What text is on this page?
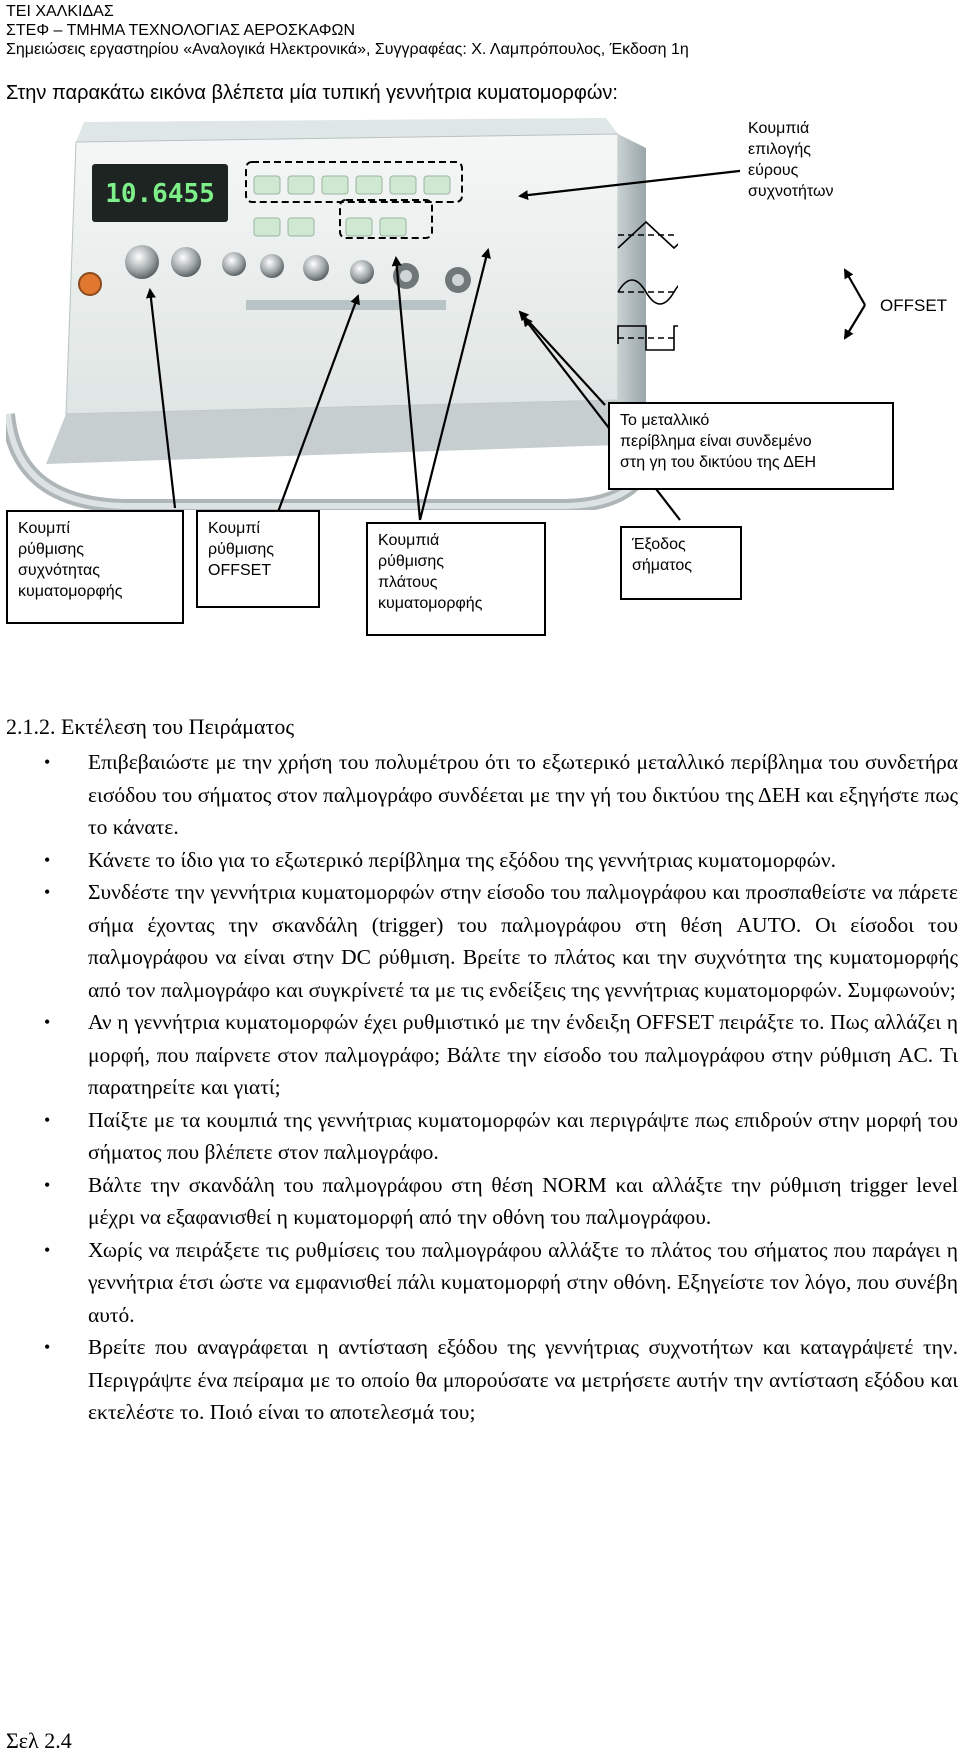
ΤΕΙ ΧΑΛΚΙΔΑΣ
ΣΤΕΦ – ΤΜΗΜΑ ΤΕΧΝΟΛΟΓΙΑΣ ΑΕΡΟΣΚΑΦΩΝ
Σημειώσεις εργαστηρίου «Αναλογικά Ηλεκτρονικά», Συγγραφέας: Χ. Λαμπρόπουλος, Έκδοση 1η
Στην παρακάτω εικόνα βλέπετα μία τυπική γεννήτρια κυματομορφών:
10.6455
Κουμπιά
επιλογής
εύρους
συχνοτήτων
OFFSET
Το μεταλλικό
περίβλημα είναι συνδεμένο
στη γη του δικτύου της ΔΕΗ
Κουμπί
ρύθμισης
συχνότητας
κυματομορφής
Κουμπί
ρύθμισης
OFFSET
Κουμπιά
ρύθμισης
πλάτους
κυματομορφής
Έξοδος
σήματος
2.1.2. Εκτέλεση του Πειράματος
• Επιβεβαιώστε με την χρήση του πολυμέτρου ότι το εξωτερικό μεταλλικό περίβλημα του συνδετήρα εισόδου του σήματος στον παλμογράφο συνδέεται με την γή του δικτύου της ΔΕΗ και εξηγήστε πως το κάνατε.
• Κάνετε το ίδιο για το εξωτερικό περίβλημα της εξόδου της γεννήτριας κυματομορφών.
• Συνδέστε την γεννήτρια κυματομορφών στην είσοδο του παλμογράφου και προσπαθείστε να πάρετε σήμα έχοντας την σκανδάλη (trigger) του παλμογράφου στη θέση AUTO. Οι είσοδοι του παλμογράφου να είναι στην DC ρύθμιση. Βρείτε το πλάτος και την συχνότητα της κυματομορφής από τον παλμογράφο και συγκρίνετέ τα με τις ενδείξεις της γεννήτριας κυματομορφών. Συμφωνούν;
• Αν η γεννήτρια κυματομορφών έχει ρυθμιστικό με την ένδειξη OFFSET πειράξτε το. Πως αλλάζει η μορφή, που παίρνετε στον παλμογράφο; Βάλτε την είσοδο του παλμογράφου στην ρύθμιση AC. Τι παρατηρείτε και γιατί;
• Παίξτε με τα κουμπιά της γεννήτριας κυματομορφών και περιγράψτε πως επιδρούν στην μορφή του σήματος που βλέπετε στον παλμογράφο.
• Βάλτε την σκανδάλη του παλμογράφου στη θέση NORM και αλλάξτε την ρύθμιση trigger level μέχρι να εξαφανισθεί η κυματομορφή από την οθόνη του παλμογράφου.
• Χωρίς να πειράξετε τις ρυθμίσεις του παλμογράφου αλλάξτε το πλάτος του σήματος που παράγει η γεννήτρια έτσι ώστε να εμφανισθεί πάλι κυματομορφή στην οθόνη. Εξηγείστε τον λόγο, που συνέβη αυτό.
• Βρείτε που αναγράφεται η αντίσταση εξόδου της γεννήτριας συχνοτήτων και καταγράψετέ την. Περιγράψτε ένα πείραμα με το οποίο θα μπορούσατε να μετρήσετε αυτήν την αντίσταση εξόδου και εκτελέστε το. Ποιό είναι το αποτελεσμά του;
Σελ 2.4
